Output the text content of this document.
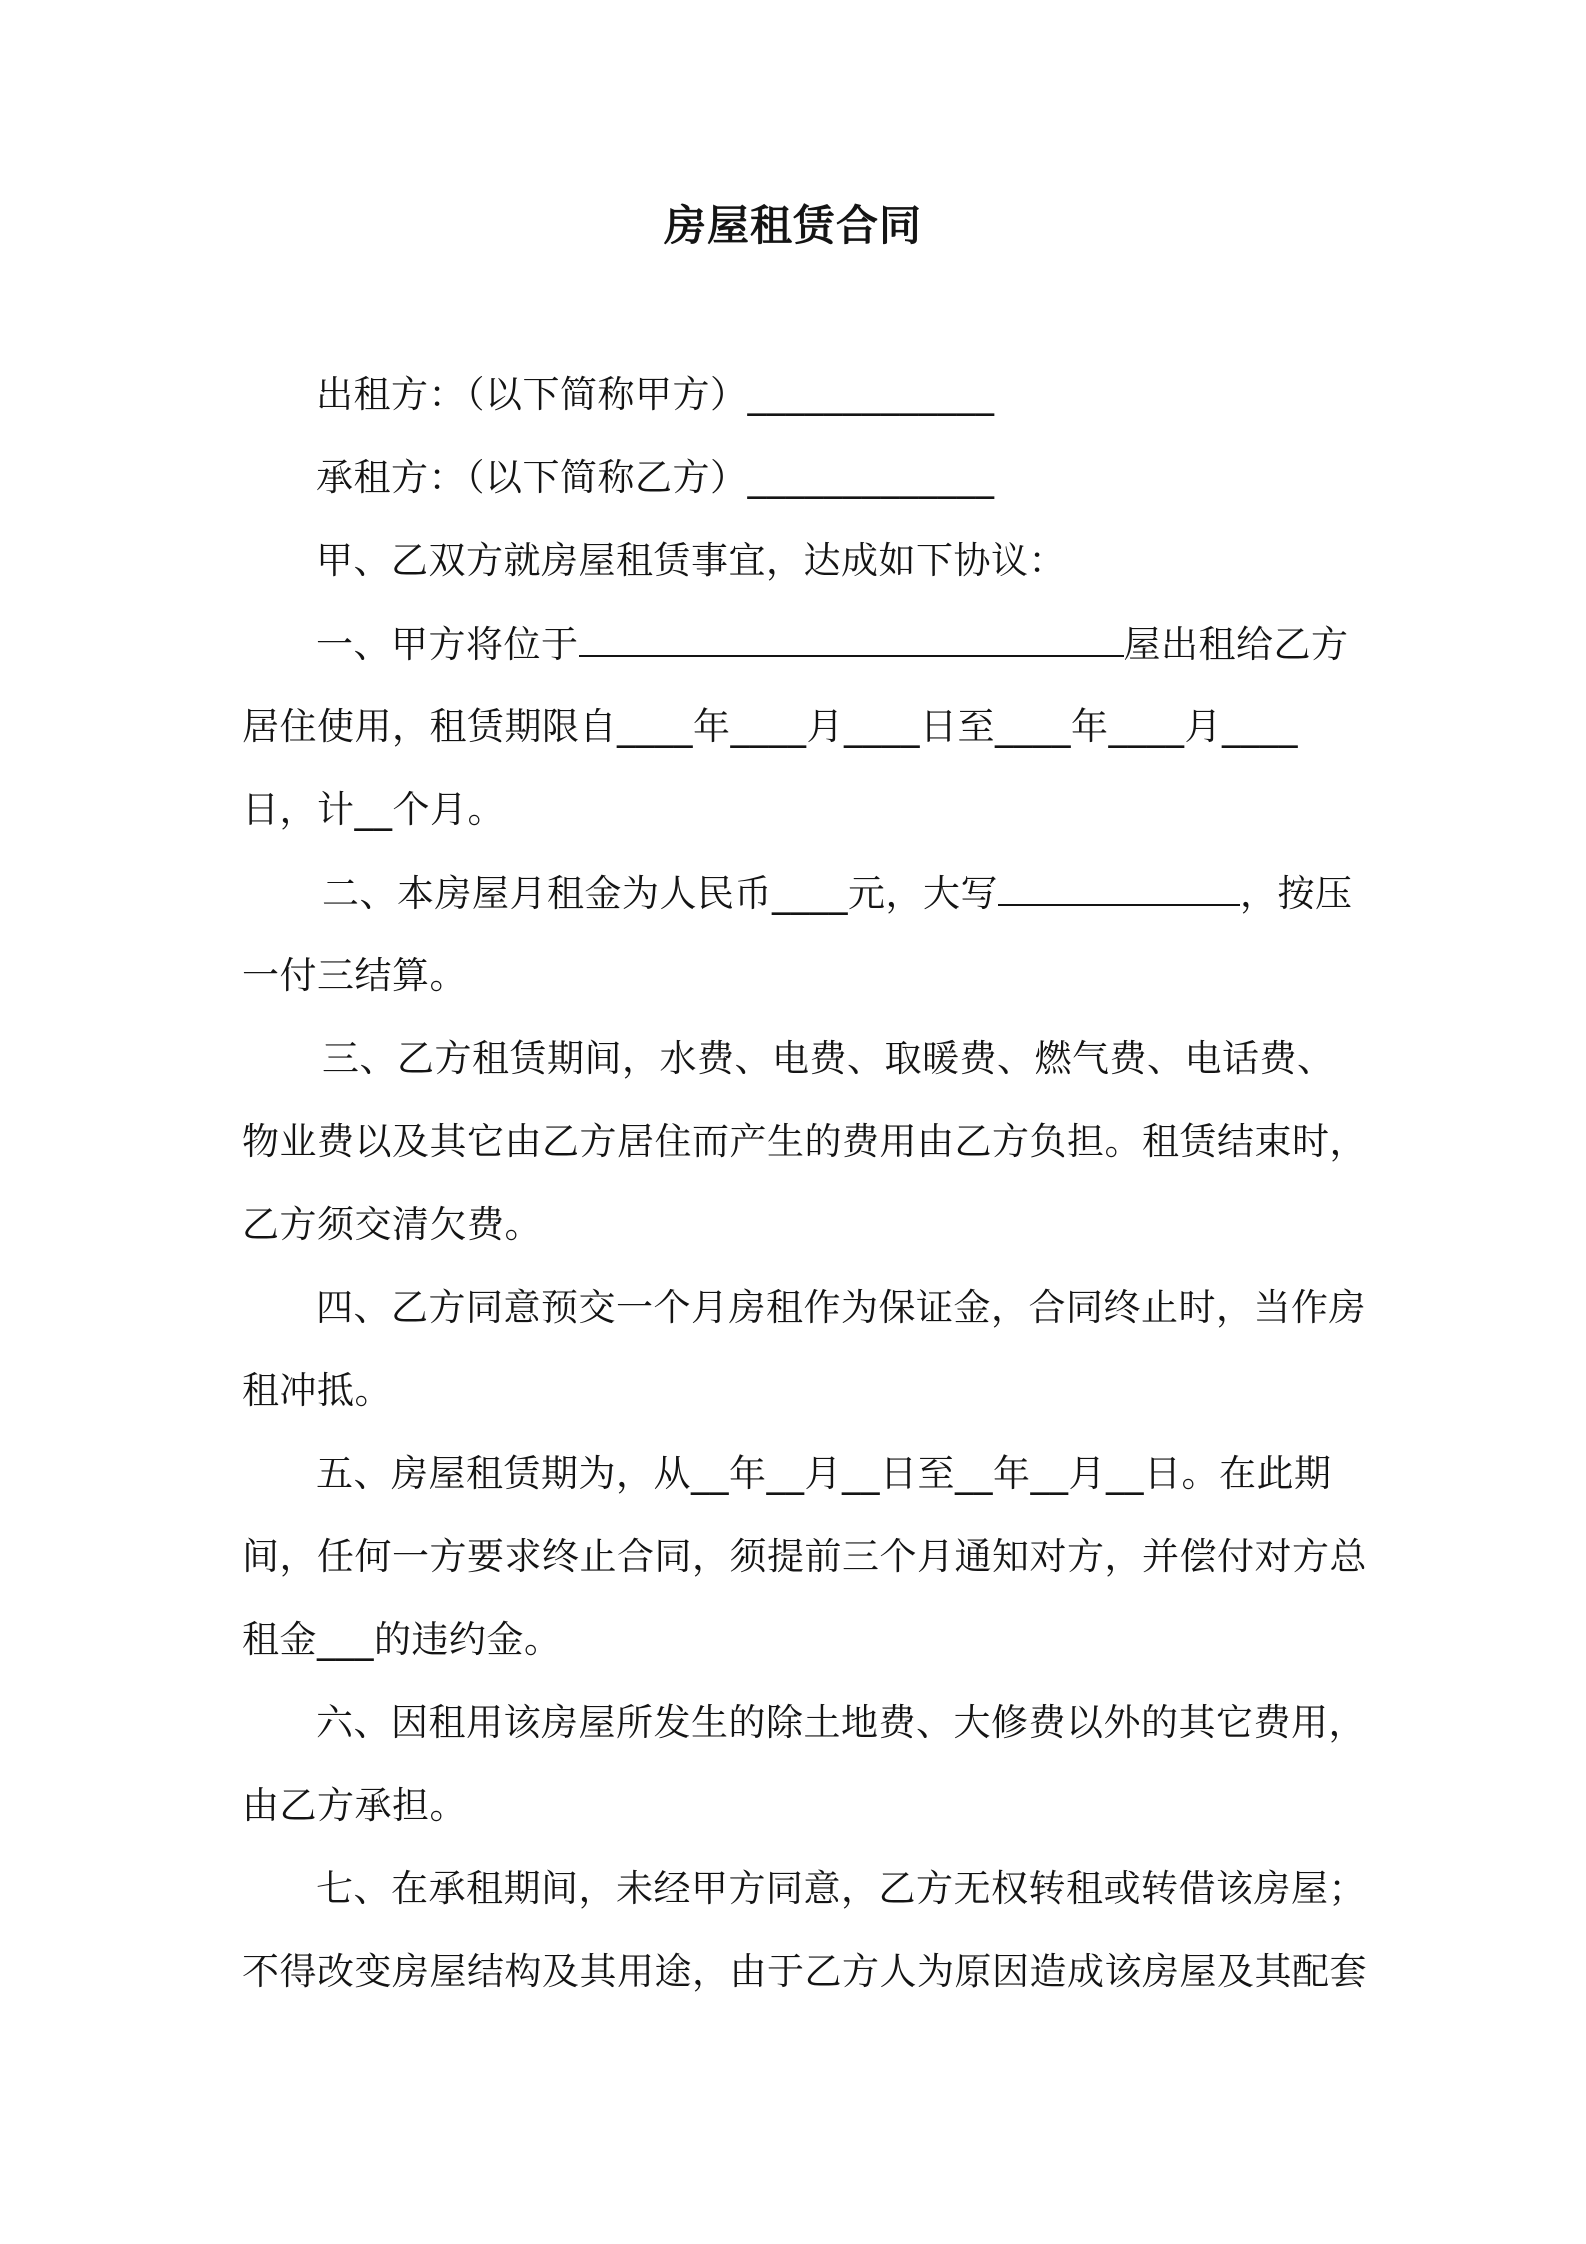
房屋租赁合同
出租方：（以下简称甲方）_____________
承租方：（以下简称乙方）_____________
甲、乙双方就房屋租赁事宜，达成如下协议：
一、甲方将位于	屋出租给乙方
居住使用，租赁期限自____年____月____日至____年____月____
日，计__个月。
二、本房屋月租金为人民币____元，大写	，按压
一付三结算。
三、乙方租赁期间，水费、电费、取暖费、燃气费、电话费、
物业费以及其它由乙方居住而产生的费用由乙方负担。租赁结束时，
乙方须交清欠费。
四、乙方同意预交一个月房租作为保证金，合同终止时，当作房
租冲抵。
五、房屋租赁期为，从__年__月__日至__年__月__日。在此期
间，任何一方要求终止合同，须提前三个月通知对方，并偿付对方总
租金___的违约金。
六、因租用该房屋所发生的除土地费、大修费以外的其它费用，
由乙方承担。
七、在承租期间，未经甲方同意，乙方无权转租或转借该房屋；
不得改变房屋结构及其用途，由于乙方人为原因造成该房屋及其配套
